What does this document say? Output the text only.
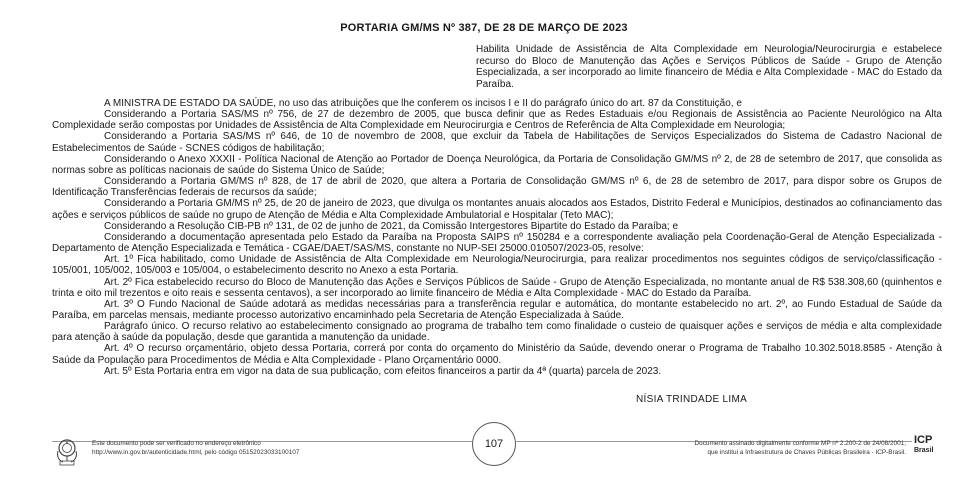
PORTARIA GM/MS Nº 387, DE 28 DE MARÇO DE 2023
Habilita Unidade de Assistência de Alta Complexidade em Neurologia/Neurocirurgia e estabelece recurso do Bloco de Manutenção das Ações e Serviços Públicos de Saúde - Grupo de Atenção Especializada, a ser incorporado ao limite financeiro de Média e Alta Complexidade - MAC do Estado da Paraíba.

A MINISTRA DE ESTADO DA SAÚDE, no uso das atribuições que lhe conferem os incisos I e II do parágrafo único do art. 87 da Constituição, e

Considerando a Portaria SAS/MS nº 756, de 27 de dezembro de 2005, que busca definir que as Redes Estaduais e/ou Regionais de Assistência ao Paciente Neurológico na Alta Complexidade serão compostas por Unidades de Assistência de Alta Complexidade em Neurocirurgia e Centros de Referência de Alta Complexidade em Neurologia;

Considerando a Portaria SAS/MS nº 646, de 10 de novembro de 2008, que excluir da Tabela de Habilitações de Serviços Especializados do Sistema de Cadastro Nacional de Estabelecimentos de Saúde - SCNES códigos de habilitação;

Considerando o Anexo XXXII - Política Nacional de Atenção ao Portador de Doença Neurológica, da Portaria de Consolidação GM/MS nº 2, de 28 de setembro de 2017, que consolida as normas sobre as políticas nacionais de saúde do Sistema Único de Saúde;

Considerando a Portaria GM/MS nº 828, de 17 de abril de 2020, que altera a Portaria de Consolidação GM/MS nº 6, de 28 de setembro de 2017, para dispor sobre os Grupos de Identificação Transferências federais de recursos da saúde;

Considerando a Portaria GM/MS nº 25, de 20 de janeiro de 2023, que divulga os montantes anuais alocados aos Estados, Distrito Federal e Municípios, destinados ao cofinanciamento das ações e serviços públicos de saúde no grupo de Atenção de Média e Alta Complexidade Ambulatorial e Hospitalar (Teto MAC);

Considerando a Resolução CIB-PB nº 131, de 02 de junho de 2021, da Comissão Intergestores Bipartite do Estado da Paraíba; e

Considerando a documentação apresentada pelo Estado da Paraíba na Proposta SAIPS nº 150284 e a correspondente avaliação pela Coordenação-Geral de Atenção Especializada - Departamento de Atenção Especializada e Temática - CGAE/DAET/SAS/MS, constante no NUP-SEI 25000.010507/2023-05, resolve:

Art. 1º Fica habilitado, como Unidade de Assistência de Alta Complexidade em Neurologia/Neurocirurgia, para realizar procedimentos nos seguintes códigos de serviço/classificação - 105/001, 105/002, 105/003 e 105/004, o estabelecimento descrito no Anexo a esta Portaria.

Art. 2º Fica estabelecido recurso do Bloco de Manutenção das Ações e Serviços Públicos de Saúde - Grupo de Atenção Especializada, no montante anual de R$ 538.308,60 (quinhentos e trinta e oito mil trezentos e oito reais e sessenta centavos), a ser incorporado ao limite financeiro de Média e Alta Complexidade - MAC do Estado da Paraíba.

Art. 3º O Fundo Nacional de Saúde adotará as medidas necessárias para a transferência regular e automática, do montante estabelecido no art. 2º, ao Fundo Estadual de Saúde da Paraíba, em parcelas mensais, mediante processo autorizativo encaminhado pela Secretaria de Atenção Especializada à Saúde.

Parágrafo único. O recurso relativo ao estabelecimento consignado ao programa de trabalho tem como finalidade o custeio de quaisquer ações e serviços de média e alta complexidade para atenção à saúde da população, desde que garantida a manutenção da unidade.

Art. 4º O recurso orçamentário, objeto dessa Portaria, correrá por conta do orçamento do Ministério da Saúde, devendo onerar o Programa de Trabalho 10.302.5018.8585 - Atenção à Saúde da População para Procedimentos de Média e Alta Complexidade - Plano Orçamentário 0000.

Art. 5º Esta Portaria entra em vigor na data de sua publicação, com efeitos financeiros a partir da 4ª (quarta) parcela de 2023.

NÍSIA TRINDADE LIMA
107
Este documento pode ser verificado no endereço eletrônico
http://www.in.gov.br/autenticidade.html, pelo código 05152023033100107
Documento assinado digitalmente conforme MP nº 2.200-2 de 24/08/2001,
que institui a Infraestrutura de Chaves Públicas Brasileira - ICP-Brasil.
ICP
Brasil
